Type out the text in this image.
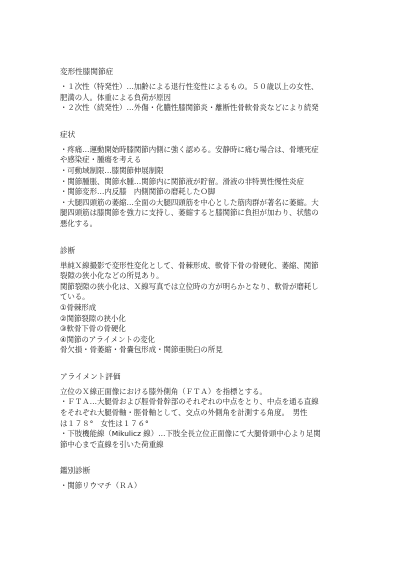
変形性膝関節症
・１次性（特発性）…加齢による退行性変性によるもの。５０歳以上の女性、
肥満の人。体重による負荷が原因
・２次性（続発性）…外傷・化膿性膝関節炎・離断性骨軟骨炎などにより続発
症状
・疼痛…運動開始時膝関節内側に強く認める。安静時に痛む場合は、骨壊死症
や感染症・腫瘍を考える
・可動域制限…膝関節伸展制限
・関節腫脹、関節水腫…関節内に関節液が貯留。滑液の非特異性慢性炎症
・関節変形…内反膝　内側関節の磨耗したＯ脚
・大腿四頭筋の萎縮…全面の大腿四頭筋を中心とした筋肉群が著名に萎縮。大
腿四頭筋は膝関節を強力に支持し、萎縮すると膝関節に負担が加わり、状態の
悪化する。
診断
単純Ｘ線撮影で変形性変化として、骨棘形成、軟骨下骨の骨硬化、萎縮、関節
裂隙の狭小化などの所見あり。
関節裂隙の狭小化は、Ｘ線写真では立位時の方が明らかとなり、軟骨が磨耗し
ている。
①骨棘形成
②関節裂隙の狭小化
③軟骨下骨の骨硬化
④関節のアライメントの変化
骨欠損・骨萎縮・骨嚢包形成・関節亜脱臼の所見
アライメント評価
立位のＸ線正面像における膝外側角（ＦＴＡ）を指標とする。
・ＦＴＡ…大腿骨および脛骨骨幹部のそれぞれの中点をとり、中点を通る直線
をそれぞれ大腿骨軸・脛骨軸として、交点の外側角を計測する角度。　男性
は１７８°　女性は１７６°
・下肢機能線（Mikulicz 線）…下肢全長立位正面像にて大腿骨頭中心より足関
節中心まで直線を引いた荷重線
鑑別診断
・関節リウマチ（ＲＡ）
